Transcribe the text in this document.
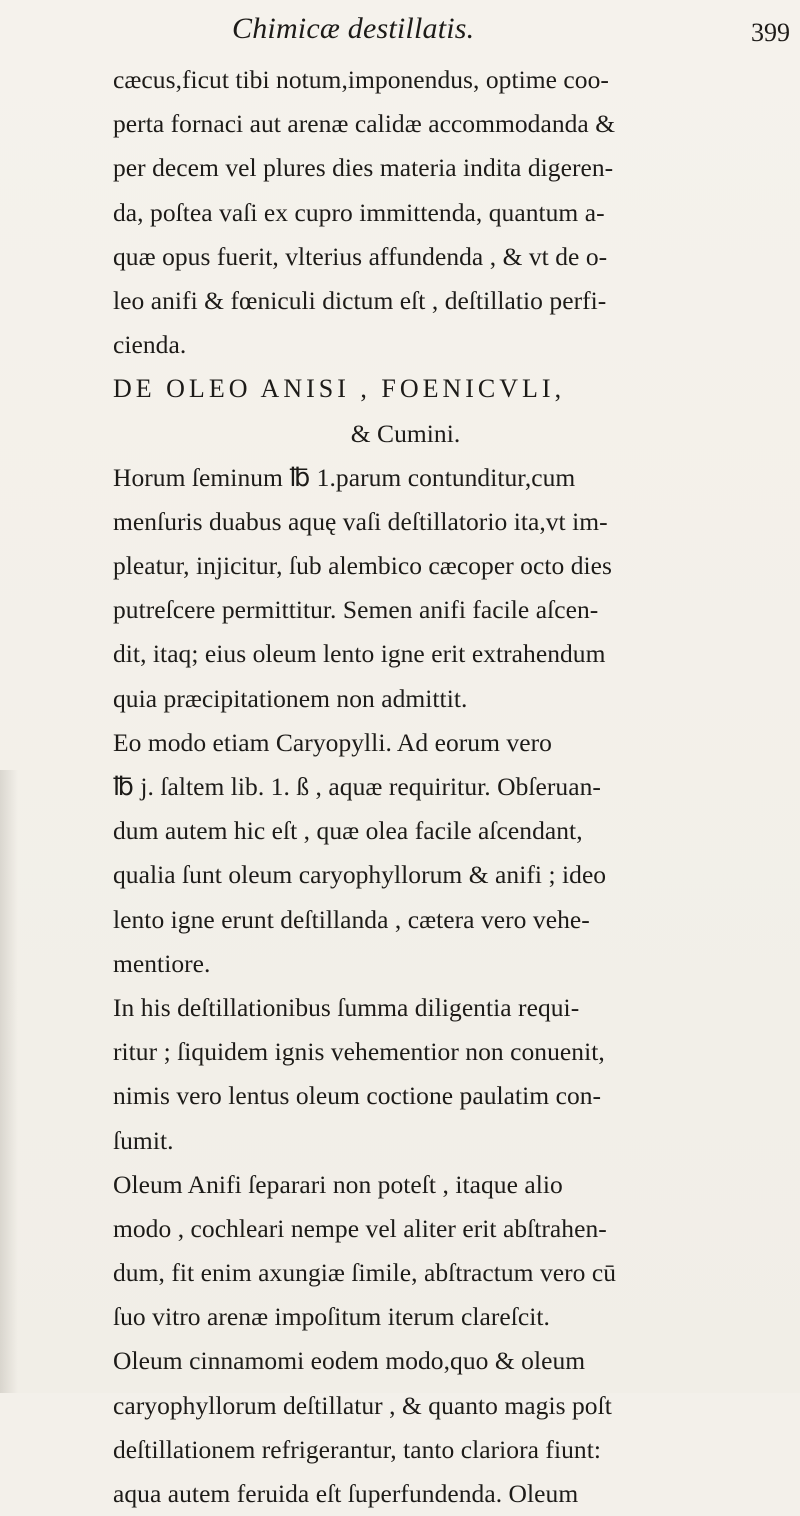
Chimicæ destillatis.	399
cæcus,ficut tibi notum,imponendus, optime coo-
perta fornaci aut arenæ calidæ accommodanda &
per decem vel plures dies materia indita digeren-
da, poſtea vaſi ex cupro immittenda, quantum a-
quæ opus fuerit, vlterius affundenda , & vt de o-
leo anifi & fœniculi dictum eſt , deſtillatio perfi-
cienda.
DE OLEO ANISI , FOENICVLI,
& Cumini.
Horum ſeminum ℔ 1.parum contunditur,cum
menſuris duabus aquę vaſi deſtillatorio ita,vt im-
pleatur, injicitur, ſub alembico cæcoper octo dies
putreſcere permittitur. Semen anifi facile aſcen-
dit, itaq; eius oleum lento igne erit extrahendum
quia præcipitationem non admittit.
Eo modo etiam Caryopylli. Ad eorum vero
℔ j. ſaltem lib. 1. ß , aquæ requiritur. Obſeruan-
dum autem hic eſt , quæ olea facile aſcendant,
qualia ſunt oleum caryophyllorum & anifi ; ideo
lento igne erunt deſtillanda , cætera vero vehe-
mentiore.
In his deſtillationibus ſumma diligentia requi-
ritur ; ſiquidem ignis vehementior non conuenit,
nimis vero lentus oleum coctione paulatim con-
ſumit.
Oleum Anifi ſeparari non poteſt , itaque alio
modo , cochleari nempe vel aliter erit abſtrahen-
dum, fit enim axungiæ ſimile, abſtractum vero cū
ſuo vitro arenæ impoſitum iterum clareſcit.
Oleum cinnamomi eodem modo,quo & oleum
caryophyllorum deſtillatur , & quanto magis poſt
deſtillationem refrigerantur, tanto clariora fiunt:
aqua autem feruida eſt ſuperfundenda. Oleum
